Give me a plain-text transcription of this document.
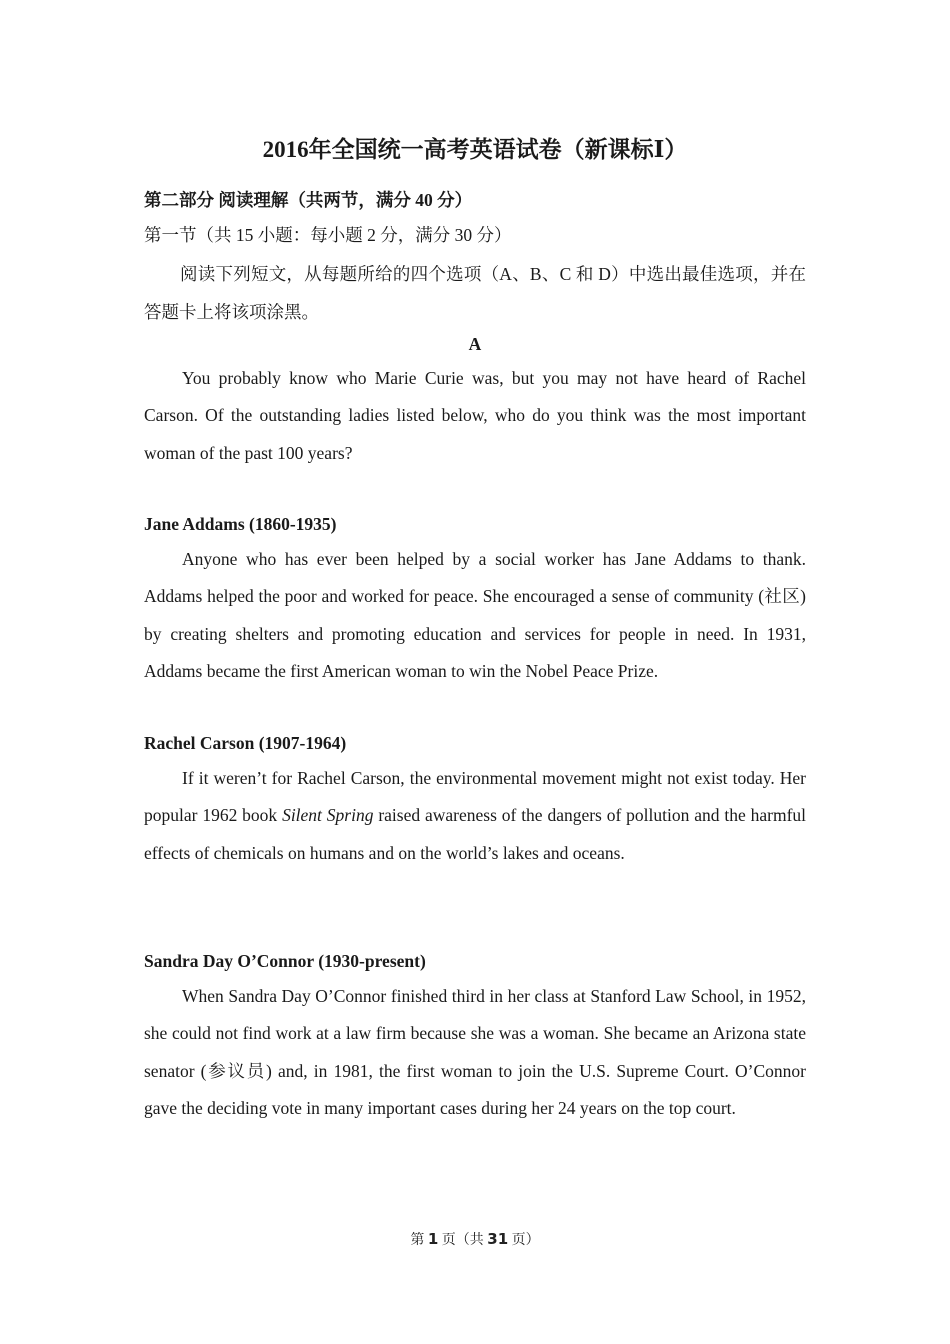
2016年全国统一高考英语试卷（新课标Ⅰ）
第二部分 阅读理解（共两节，满分 40 分）
第一节（共 15 小题：每小题 2 分，满分 30 分）
阅读下列短文，从每题所给的四个选项（A、B、C 和 D）中选出最佳选项，并在答题卡上将该项涂黑。
A
You probably know who Marie Curie was, but you may not have heard of Rachel Carson. Of the outstanding ladies listed below, who do you think was the most important woman of the past 100 years?
Jane Addams (1860-1935)
Anyone who has ever been helped by a social worker has Jane Addams to thank. Addams helped the poor and worked for peace. She encouraged a sense of community (社区) by creating shelters and promoting education and services for people in need. In 1931, Addams became the first American woman to win the Nobel Peace Prize.
Rachel Carson (1907-1964)
If it weren’t for Rachel Carson, the environmental movement might not exist today. Her popular 1962 book Silent Spring raised awareness of the dangers of pollution and the harmful effects of chemicals on humans and on the world’s lakes and oceans.
Sandra Day O’Connor (1930-present)
When Sandra Day O’Connor finished third in her class at Stanford Law School, in 1952, she could not find work at a law firm because she was a woman. She became an Arizona state senator (参议员) and, in 1981, the first woman to join the U.S. Supreme Court. O’Connor gave the deciding vote in many important cases during her 24 years on the top court.
第 1 页（共 31 页）
